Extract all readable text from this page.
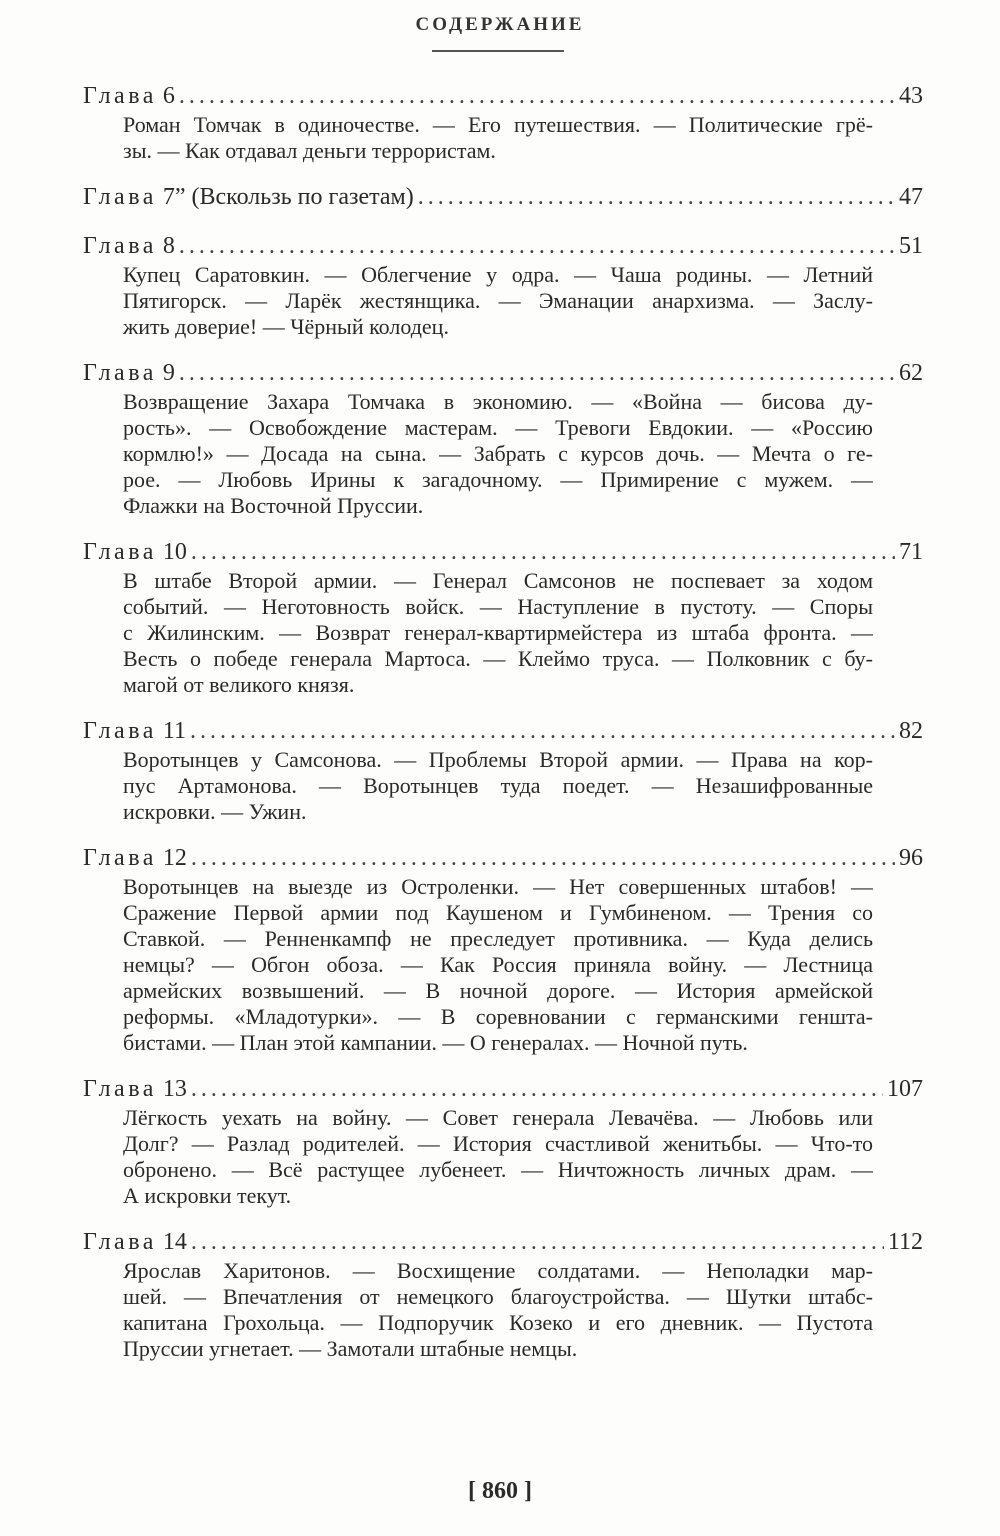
СОДЕРЖАНИЕ
Глава 6 .....	43
Роман Томчак в одиночестве. — Его путешествия. — Политические грё-
зы. — Как отдавал деньги террористам.
Глава 7” (Вскользь по газетам) .....	47
Глава 8 .....	51
Купец Саратовкин. — Облегчение у одра. — Чаша родины. — Летний
Пятигорск. — Ларёк жестянщика. — Эманации анархизма. — Заслу-
жить доверие! — Чёрный колодец.
Глава 9 .....	62
Возвращение Захара Томчака в экономию. — «Война — бисова ду-
рость». — Освобождение мастерам. — Тревоги Евдокии. — «Россию
кормлю!» — Досада на сына. — Забрать с курсов дочь. — Мечта о ге-
рое. — Любовь Ирины к загадочному. — Примирение с мужем. —
Флажки на Восточной Пруссии.
Глава 10 .....	71
В штабе Второй армии. — Генерал Самсонов не поспевает за ходом
событий. — Неготовность войск. — Наступление в пустоту. — Споры
с Жилинским. — Возврат генерал-квартирмейстера из штаба фронта. —
Весть о победе генерала Мартоса. — Клеймо труса. — Полковник с бу-
магой от великого князя.
Глава 11 .....	82
Воротынцев у Самсонова. — Проблемы Второй армии. — Права на кор-
пус Артамонова. — Воротынцев туда поедет. — Незашифрованные
искровки. — Ужин.
Глава 12 .....	96
Воротынцев на выезде из Остроленки. — Нет совершенных штабов! —
Сражение Первой армии под Каушеном и Гумбиненом. — Трения со
Ставкой. — Ренненкампф не преследует противника. — Куда делись
немцы? — Обгон обоза. — Как Россия приняла войну. — Лестница
армейских возвышений. — В ночной дороге. — История армейской
реформы. «Младотурки». — В соревновании с германскими геншта-
бистами. — План этой кампании. — О генералах. — Ночной путь.
Глава 13 .....	107
Лёгкость уехать на войну. — Совет генерала Левачёва. — Любовь или
Долг? — Разлад родителей. — История счастливой женитьбы. — Что-то
обронено. — Всё растущее лубенеет. — Ничтожность личных драм. —
А искровки текут.
Глава 14 .....	112
Ярослав Харитонов. — Восхищение солдатами. — Неполадки мар-
шей. — Впечатления от немецкого благоустройства. — Шутки штабс-
капитана Грохольца. — Подпоручик Козеко и его дневник. — Пустота
Пруссии угнетает. — Замотали штабные немцы.
[ 860 ]
